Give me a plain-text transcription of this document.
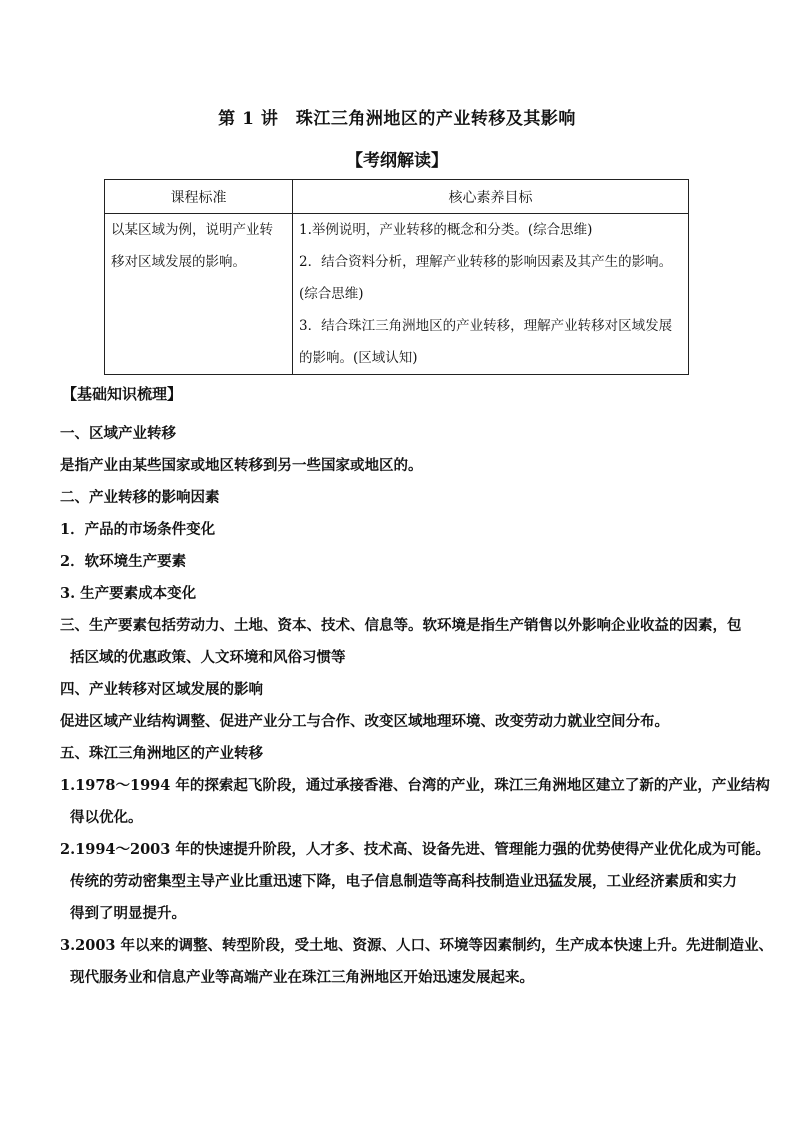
第 1 讲　珠江三角洲地区的产业转移及其影响
【考纲解读】
课程标准	核心素养目标

以某区域为例，说明产业转
移对区域发展的影响。	1.举例说明，产业转移的概念和分类。(综合思维)
2．结合资料分析，理解产业转移的影响因素及其产生的影响。
(综合思维)
3．结合珠江三角洲地区的产业转移，理解产业转移对区域发展
的影响。(区域认知)
【基础知识梳理】
一、区域产业转移
是指产业由某些国家或地区转移到另一些国家或地区的。
二、产业转移的影响因素
1．产品的市场条件变化
2．软环境生产要素
3. 生产要素成本变化
三、生产要素包括劳动力、土地、资本、技术、信息等。软环境是指生产销售以外影响企业收益的因素，包
括区域的优惠政策、人文环境和风俗习惯等
四、产业转移对区域发展的影响
促进区域产业结构调整、促进产业分工与合作、改变区域地理环境、改变劳动力就业空间分布。
五、珠江三角洲地区的产业转移
1.1978～1994 年的探索起飞阶段，通过承接香港、台湾的产业，珠江三角洲地区建立了新的产业，产业结构
得以优化。
2.1994～2003 年的快速提升阶段，人才多、技术高、设备先进、管理能力强的优势使得产业优化成为可能。
传统的劳动密集型主导产业比重迅速下降，电子信息制造等高科技制造业迅猛发展，工业经济素质和实力
得到了明显提升。
3.2003 年以来的调整、转型阶段，受土地、资源、人口、环境等因素制约，生产成本快速上升。先进制造业、
现代服务业和信息产业等高端产业在珠江三角洲地区开始迅速发展起来。
